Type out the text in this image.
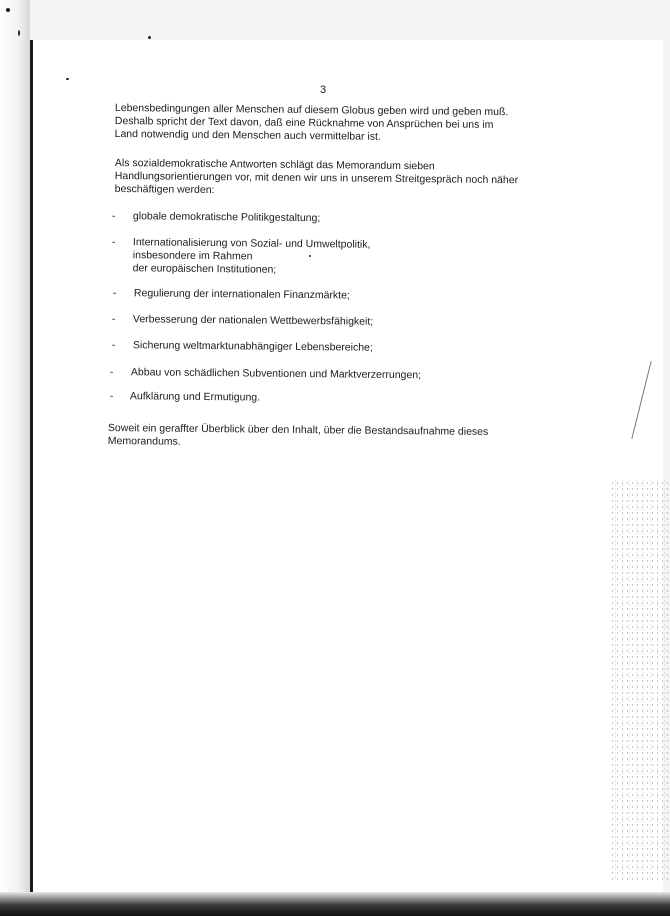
3

Lebensbedingungen aller Menschen auf diesem Globus geben wird und geben muß.
Deshalb spricht der Text davon, daß eine Rücknahme von Ansprüchen bei uns im
Land notwendig und den Menschen auch vermittelbar ist.

Als sozialdemokratische Antworten schlägt das Memorandum sieben
Handlungsorientierungen vor, mit denen wir uns in unserem Streitgespräch noch näher
beschäftigen werden:

- globale demokratische Politikgestaltung;
- Internationalisierung von Sozial- und Umweltpolitik,
insbesondere im Rahmen
der europäischen Institutionen;
- Regulierung der internationalen Finanzmärkte;
- Verbesserung der nationalen Wettbewerbsfähigkeit;
- Sicherung weltmarktunabhängiger Lebensbereiche;
- Abbau von schädlichen Subventionen und Marktverzerrungen;
- Aufklärung und Ermutigung.

Soweit ein geraffter Überblick über den Inhalt, über die Bestandsaufnahme dieses
Memorandums.
